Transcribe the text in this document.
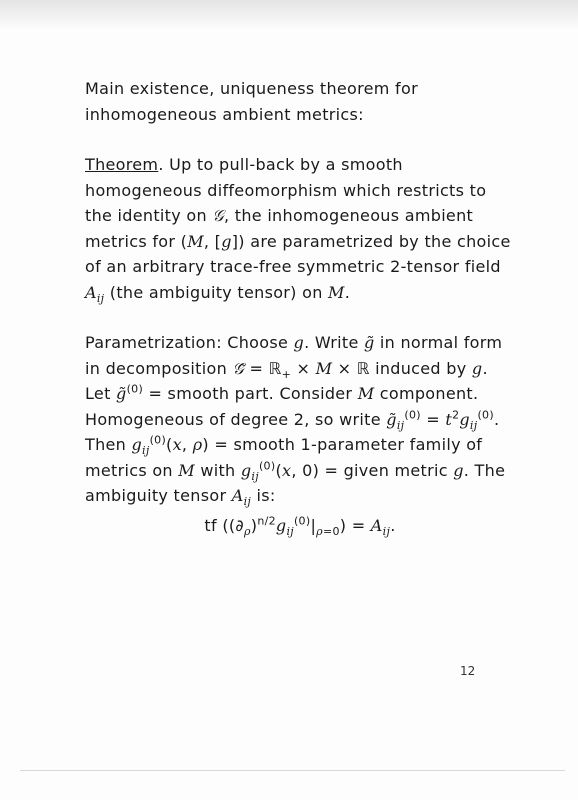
Main existence, uniqueness theorem for inhomogeneous ambient metrics:

Theorem. Up to pull-back by a smooth homogeneous diffeomorphism which restricts to the identity on 𝒢, the inhomogeneous ambient metrics for (M, [g]) are parametrized by the choice of an arbitrary trace-free symmetric 2-tensor field $A_{ij}$ (the ambiguity tensor) on M.

Parametrization: Choose g. Write g̃ in normal form in decomposition 𝒢̃ = ℝ$_+$ × M × ℝ induced by g. Let g̃$^{(0)}$ = smooth part. Consider M component. Homogeneous of degree 2, so write $g̃_{ij}^{(0)} = t^2g_{ij}^{(0)}$. Then $g_{ij}^{(0)}(x$, ρ) = smooth 1-parameter family of metrics on M with $g_{ij}^{(0)}(x$, 0) = given metric g. The ambiguity tensor $A_{ij}$ is:

tf $((\partial_\rho)^{n/2}g_{ij}^{(0)}|_{\rho=0}) = A_{ij}$.

12
